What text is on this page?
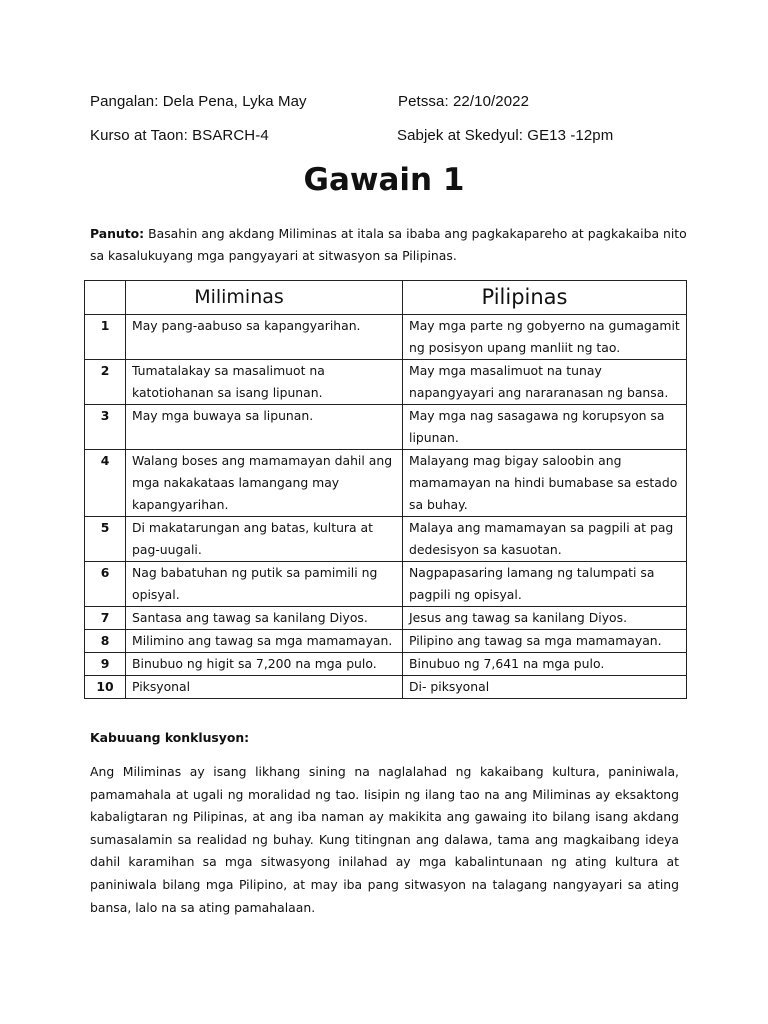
Pangalan: Dela Pena, Lyka May	Petssa: 22/10/2022
Kurso at Taon: BSARCH-4	Sabjek at Skedyul: GE13 -12pm
Gawain 1
Panuto: Basahin ang akdang Miliminas at itala sa ibaba ang pagkakapareho at pagkakaiba nito sa kasalukuyang mga pangyayari at sitwasyon sa Pilipinas.
	Miliminas	Pilipinas
1	May pang-aabuso sa kapangyarihan.	May mga parte ng gobyerno na gumagamit ng posisyon upang manliit ng tao.
2	Tumatalakay sa masalimuot na katotiohanan sa isang lipunan.	May mga masalimuot na tunay napangyayari ang nararanasan ng bansa.
3	May mga buwaya sa lipunan.	May mga nag sasagawa ng korupsyon sa lipunan.
4	Walang boses ang mamamayan dahil ang mga nakakataas lamangang may kapangyarihan.	Malayang mag bigay saloobin ang mamamayan na hindi bumabase sa estado sa buhay.
5	Di makatarungan ang batas, kultura at pag-uugali.	Malaya ang mamamayan sa pagpili at pag dedesisyon sa kasuotan.
6	Nag babatuhan ng putik sa pamimili ng opisyal.	Nagpapasaring lamang ng talumpati sa pagpili ng opisyal.
7	Santasa ang tawag sa kanilang Diyos.	Jesus ang tawag sa kanilang Diyos.
8	Milimino ang tawag sa mga mamamayan.	Pilipino ang tawag sa mga mamamayan.
9	Binubuo ng higit sa 7,200 na mga pulo.	Binubuo ng 7,641 na mga pulo.
10	Piksyonal	Di- piksyonal
Kabuuang konklusyon:
Ang Miliminas ay isang likhang sining na naglalahad ng kakaibang kultura, paniniwala, pamamahala at ugali ng moralidad ng tao. Iisipin ng ilang tao na ang Miliminas ay eksaktong kabaligtaran ng Pilipinas, at ang iba naman ay makikita ang gawaing ito bilang isang akdang sumasalamin sa realidad ng buhay. Kung titingnan ang dalawa, tama ang magkaibang ideya dahil karamihan sa mga sitwasyong inilahad ay mga kabalintunaan ng ating kultura at paniniwala bilang mga Pilipino, at may iba pang sitwasyon na talagang nangyayari sa ating bansa, lalo na sa ating pamahalaan.
